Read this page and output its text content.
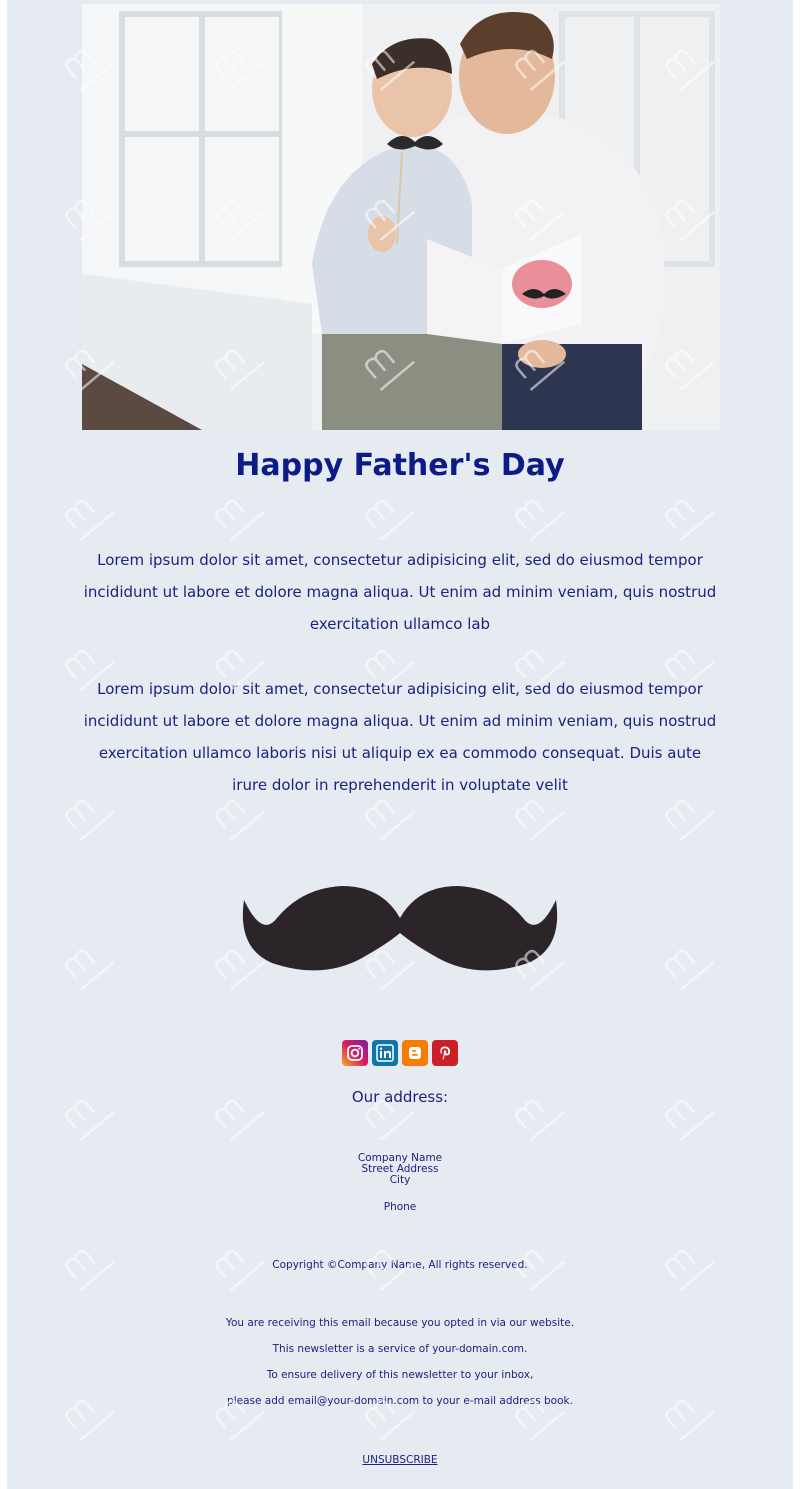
Happy Father's Day

Lorem ipsum dolor sit amet, consectetur adipisicing elit, sed do eiusmod tempor incididunt ut labore et dolore magna aliqua. Ut enim ad minim veniam, quis nostrud exercitation ullamco lab

Lorem ipsum dolor sit amet, consectetur adipisicing elit, sed do eiusmod tempor incididunt ut labore et dolore magna aliqua. Ut enim ad minim veniam, quis nostrud exercitation ullamco laboris nisi ut aliquip ex ea commodo consequat. Duis aute irure dolor in reprehenderit in voluptate velit

Our address:

Company Name
Street Address
City
Phone
Copyright ©Company Name, All rights reserved.
You are receiving this email because you opted in via our website.
This newsletter is a service of your-domain.com.
To ensure delivery of this newsletter to your inbox,
please add email@your-domain.com to your e-mail address book.
UNSUBSCRIBE
